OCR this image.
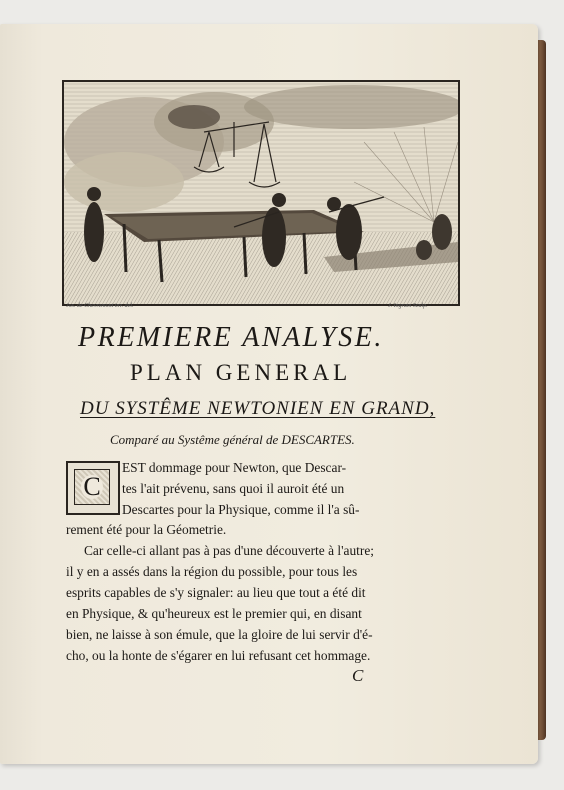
Jos. de Chevremont inv. del.	J. Ingram Sculp.
PREMIERE ANALYSE.
PLAN GENERAL
DU SYSTÊME NEWTONIEN EN GRAND,
Comparé au Systême général de DESCARTES.
C
EST dommage pour Newton, que Descar-
tes l'ait prévenu, sans quoi il auroit été un
Descartes pour la Physique, comme il l'a sû-
rement été pour la Géometrie.
Car celle-ci allant pas à pas d'une découverte à l'autre;
il y en a assés dans la région du possible, pour tous les
esprits capables de s'y signaler: au lieu que tout a été dit
en Physique, & qu'heureux est le premier qui, en disant
bien, ne laisse à son émule, que la gloire de lui servir d'é-
cho, ou la honte de s'égarer en lui refusant cet hommage.
C
